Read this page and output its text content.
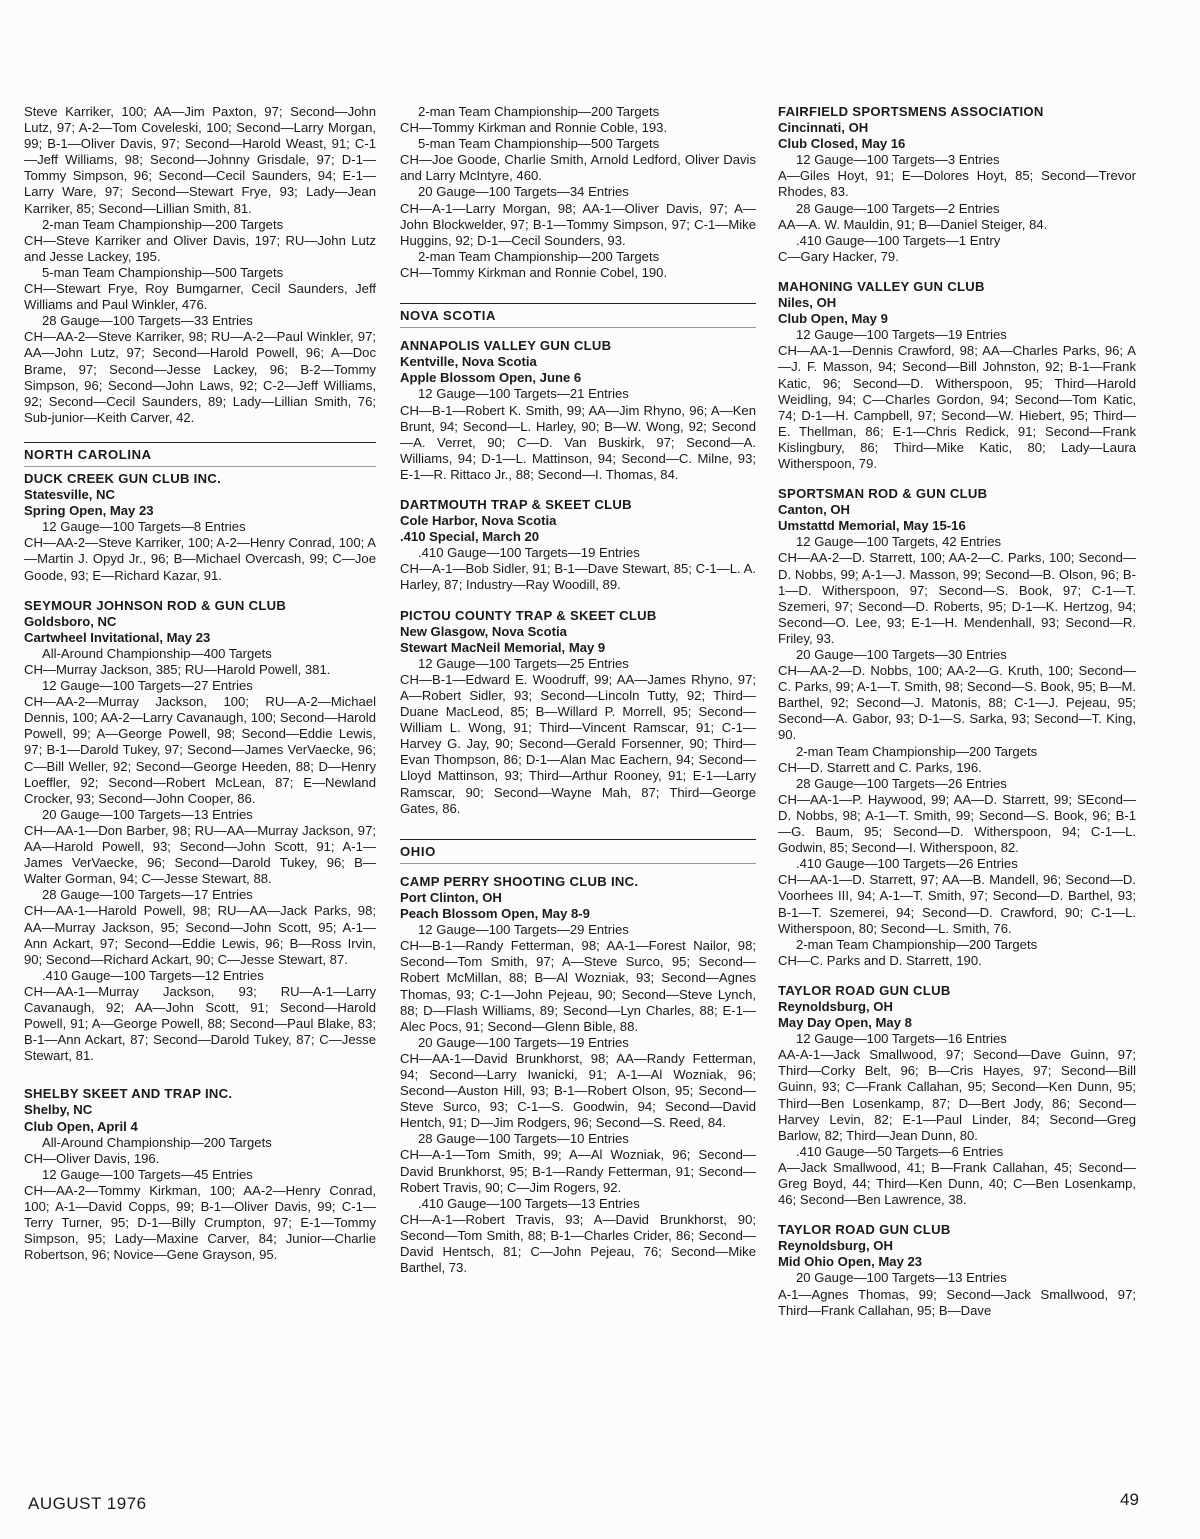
Steve Karriker, 100; AA—Jim Paxton, 97; Second—John Lutz, 97; A-2—Tom Coveleski, 100; Second—Larry Morgan, 99; B-1—Oliver Davis, 97; Second—Harold Weast, 91; C-1—Jeff Williams, 98; Second—Johnny Grisdale, 97; D-1—Tommy Simpson, 96; Second—Cecil Saunders, 94; E-1—Larry Ware, 97; Second—Stewart Frye, 93; Lady—Jean Karriker, 85; Second—Lillian Smith, 81.

2-man Team Championship—200 Targets

CH—Steve Karriker and Oliver Davis, 197; RU—John Lutz and Jesse Lackey, 195.

5-man Team Championship—500 Targets

CH—Stewart Frye, Roy Bumgarner, Cecil Saunders, Jeff Williams and Paul Winkler, 476.

28 Gauge—100 Targets—33 Entries

CH—AA-2—Steve Karriker, 98; RU—A-2—Paul Winkler, 97; AA—John Lutz, 97; Second—Harold Powell, 96; A—Doc Brame, 97; Second—Jesse Lackey, 96; B-2—Tommy Simpson, 96; Second—John Laws, 92; C-2—Jeff Williams, 92; Second—Cecil Saunders, 89; Lady—Lillian Smith, 76; Sub-junior—Keith Carver, 42.

NORTH CAROLINA

DUCK CREEK GUN CLUB INC.

Statesville, NC

Spring Open, May 23

12 Gauge—100 Targets—8 Entries

CH—AA-2—Steve Karriker, 100; A-2—Henry Conrad, 100; A—Martin J. Opyd Jr., 96; B—Michael Overcash, 99; C—Joe Goode, 93; E—Richard Kazar, 91.

SEYMOUR JOHNSON ROD & GUN CLUB

Goldsboro, NC

Cartwheel Invitational, May 23

All-Around Championship—400 Targets

CH—Murray Jackson, 385; RU—Harold Powell, 381.

12 Gauge—100 Targets—27 Entries

CH—AA-2—Murray Jackson, 100; RU—A-2—Michael Dennis, 100; AA-2—Larry Cavanaugh, 100; Second—Harold Powell, 99; A—George Powell, 98; Second—Eddie Lewis, 97; B-1—Darold Tukey, 97; Second—James VerVaecke, 96; C—Bill Weller, 92; Second—George Heeden, 88; D—Henry Loeffler, 92; Second—Robert McLean, 87; E—Newland Crocker, 93; Second—John Cooper, 86.

20 Gauge—100 Targets—13 Entries

CH—AA-1—Don Barber, 98; RU—AA—Murray Jackson, 97; AA—Harold Powell, 93; Second—John Scott, 91; A-1—James VerVaecke, 96; Second—Darold Tukey, 96; B—Walter Gorman, 94; C—Jesse Stewart, 88.

28 Gauge—100 Targets—17 Entries

CH—AA-1—Harold Powell, 98; RU—AA—Jack Parks, 98; AA—Murray Jackson, 95; Second—John Scott, 95; A-1—Ann Ackart, 97; Second—Eddie Lewis, 96; B—Ross Irvin, 90; Second—Richard Ackart, 90; C—Jesse Stewart, 87.

.410 Gauge—100 Targets—12 Entries

CH—AA-1—Murray Jackson, 93; RU—A-1—Larry Cavanaugh, 92; AA—John Scott, 91; Second—Harold Powell, 91; A—George Powell, 88; Second—Paul Blake, 83; B-1—Ann Ackart, 87; Second—Darold Tukey, 87; C—Jesse Stewart, 81.

SHELBY SKEET AND TRAP INC.

Shelby, NC

Club Open, April 4

All-Around Championship—200 Targets

CH—Oliver Davis, 196.

12 Gauge—100 Targets—45 Entries

CH—AA-2—Tommy Kirkman, 100; AA-2—Henry Conrad, 100; A-1—David Copps, 99; B-1—Oliver Davis, 99; C-1—Terry Turner, 95; D-1—Billy Crumpton, 97; E-1—Tommy Simpson, 95; Lady—Maxine Carver, 84; Junior—Charlie Robertson, 96; Novice—Gene Grayson, 95.

2-man Team Championship—200 Targets

CH—Tommy Kirkman and Ronnie Coble, 193.

5-man Team Championship—500 Targets

CH—Joe Goode, Charlie Smith, Arnold Ledford, Oliver Davis and Larry McIntyre, 460.

20 Gauge—100 Targets—34 Entries

CH—A-1—Larry Morgan, 98; AA-1—Oliver Davis, 97; A—John Blockwelder, 97; B-1—Tommy Simpson, 97; C-1—Mike Huggins, 92; D-1—Cecil Sounders, 93.

2-man Team Championship—200 Targets

CH—Tommy Kirkman and Ronnie Cobel, 190.

NOVA SCOTIA

ANNAPOLIS VALLEY GUN CLUB

Kentville, Nova Scotia

Apple Blossom Open, June 6

12 Gauge—100 Targets—21 Entries

CH—B-1—Robert K. Smith, 99; AA—Jim Rhyno, 96; A—Ken Brunt, 94; Second—L. Harley, 90; B—W. Wong, 92; Second—A. Verret, 90; C—D. Van Buskirk, 97; Second—A. Williams, 94; D-1—L. Mattinson, 94; Second—C. Milne, 93; E-1—R. Rittaco Jr., 88; Second—I. Thomas, 84.

DARTMOUTH TRAP & SKEET CLUB

Cole Harbor, Nova Scotia

.410 Special, March 20

.410 Gauge—100 Targets—19 Entries

CH—A-1—Bob Sidler, 91; B-1—Dave Stewart, 85; C-1—L. A. Harley, 87; Industry—Ray Woodill, 89.

PICTOU COUNTY TRAP & SKEET CLUB

New Glasgow, Nova Scotia

Stewart MacNeil Memorial, May 9

12 Gauge—100 Targets—25 Entries

CH—B-1—Edward E. Woodruff, 99; AA—James Rhyno, 97; A—Robert Sidler, 93; Second—Lincoln Tutty, 92; Third—Duane MacLeod, 85; B—Willard P. Morrell, 95; Second—William L. Wong, 91; Third—Vincent Ramscar, 91; C-1—Harvey G. Jay, 90; Second—Gerald Forsenner, 90; Third—Evan Thompson, 86; D-1—Alan Mac Eachern, 94; Second—Lloyd Mattinson, 93; Third—Arthur Rooney, 91; E-1—Larry Ramscar, 90; Second—Wayne Mah, 87; Third—George Gates, 86.

OHIO

CAMP PERRY SHOOTING CLUB INC.

Port Clinton, OH

Peach Blossom Open, May 8-9

12 Gauge—100 Targets—29 Entries

CH—B-1—Randy Fetterman, 98; AA-1—Forest Nailor, 98; Second—Tom Smith, 97; A—Steve Surco, 95; Second—Robert McMillan, 88; B—Al Wozniak, 93; Second—Agnes Thomas, 93; C-1—John Pejeau, 90; Second—Steve Lynch, 88; D—Flash Williams, 89; Second—Lyn Charles, 88; E-1—Alec Pocs, 91; Second—Glenn Bible, 88.

20 Gauge—100 Targets—19 Entries

CH—AA-1—David Brunkhorst, 98; AA—Randy Fetterman, 94; Second—Larry Iwanicki, 91; A-1—Al Wozniak, 96; Second—Auston Hill, 93; B-1—Robert Olson, 95; Second—Steve Surco, 93; C-1—S. Goodwin, 94; Second—David Hentch, 91; D—Jim Rodgers, 96; Second—S. Reed, 84.

28 Gauge—100 Targets—10 Entries

CH—A-1—Tom Smith, 99; A—Al Wozniak, 96; Second—David Brunkhorst, 95; B-1—Randy Fetterman, 91; Second—Robert Travis, 90; C—Jim Rogers, 92.

.410 Gauge—100 Targets—13 Entries

CH—A-1—Robert Travis, 93; A—David Brunkhorst, 90; Second—Tom Smith, 88; B-1—Charles Crider, 86; Second—David Hentsch, 81; C—John Pejeau, 76; Second—Mike Barthel, 73.

FAIRFIELD SPORTSMENS ASSOCIATION

Cincinnati, OH

Club Closed, May 16

12 Gauge—100 Targets—3 Entries

A—Giles Hoyt, 91; E—Dolores Hoyt, 85; Second—Trevor Rhodes, 83.

28 Gauge—100 Targets—2 Entries

AA—A. W. Mauldin, 91; B—Daniel Steiger, 84.

.410 Gauge—100 Targets—1 Entry

C—Gary Hacker, 79.

MAHONING VALLEY GUN CLUB

Niles, OH

Club Open, May 9

12 Gauge—100 Targets—19 Entries

CH—AA-1—Dennis Crawford, 98; AA—Charles Parks, 96; A—J. F. Masson, 94; Second—Bill Johnston, 92; B-1—Frank Katic, 96; Second—D. Witherspoon, 95; Third—Harold Weidling, 94; C—Charles Gordon, 94; Second—Tom Katic, 74; D-1—H. Campbell, 97; Second—W. Hiebert, 95; Third—E. Thellman, 86; E-1—Chris Redick, 91; Second—Frank Kislingbury, 86; Third—Mike Katic, 80; Lady—Laura Witherspoon, 79.

SPORTSMAN ROD & GUN CLUB

Canton, OH

Umstattd Memorial, May 15-16

12 Gauge—100 Targets, 42 Entries

CH—AA-2—D. Starrett, 100; AA-2—C. Parks, 100; Second—D. Nobbs, 99; A-1—J. Masson, 99; Second—B. Olson, 96; B-1—D. Witherspoon, 97; Second—S. Book, 97; C-1—T. Szemeri, 97; Second—D. Roberts, 95; D-1—K. Hertzog, 94; Second—O. Lee, 93; E-1—H. Mendenhall, 93; Second—R. Friley, 93.

20 Gauge—100 Targets—30 Entries

CH—AA-2—D. Nobbs, 100; AA-2—G. Kruth, 100; Second—C. Parks, 99; A-1—T. Smith, 98; Second—S. Book, 95; B—M. Barthel, 92; Second—J. Matonis, 88; C-1—J. Pejeau, 95; Second—A. Gabor, 93; D-1—S. Sarka, 93; Second—T. King, 90.

2-man Team Championship—200 Targets

CH—D. Starrett and C. Parks, 196.

28 Gauge—100 Targets—26 Entries

CH—AA-1—P. Haywood, 99; AA—D. Starrett, 99; SEcond—D. Nobbs, 98; A-1—T. Smith, 99; Second—S. Book, 96; B-1—G. Baum, 95; Second—D. Witherspoon, 94; C-1—L. Godwin, 85; Second—I. Witherspoon, 82.

.410 Gauge—100 Targets—26 Entries

CH—AA-1—D. Starrett, 97; AA—B. Mandell, 96; Second—D. Voorhees III, 94; A-1—T. Smith, 97; Second—D. Barthel, 93; B-1—T. Szemerei, 94; Second—D. Crawford, 90; C-1—L. Witherspoon, 80; Second—L. Smith, 76.

2-man Team Championship—200 Targets

CH—C. Parks and D. Starrett, 190.

TAYLOR ROAD GUN CLUB

Reynoldsburg, OH

May Day Open, May 8

12 Gauge—100 Targets—16 Entries

AA-A-1—Jack Smallwood, 97; Second—Dave Guinn, 97; Third—Corky Belt, 96; B—Cris Hayes, 97; Second—Bill Guinn, 93; C—Frank Callahan, 95; Second—Ken Dunn, 95; Third—Ben Losenkamp, 87; D—Bert Jody, 86; Second—Harvey Levin, 82; E-1—Paul Linder, 84; Second—Greg Barlow, 82; Third—Jean Dunn, 80.

.410 Gauge—50 Targets—6 Entries

A—Jack Smallwood, 41; B—Frank Callahan, 45; Second—Greg Boyd, 44; Third—Ken Dunn, 40; C—Ben Losenkamp, 46; Second—Ben Lawrence, 38.

TAYLOR ROAD GUN CLUB

Reynoldsburg, OH

Mid Ohio Open, May 23

20 Gauge—100 Targets—13 Entries

A-1—Agnes Thomas, 99; Second—Jack Smallwood, 97; Third—Frank Callahan, 95; B—Dave

AUGUST 1976	49
